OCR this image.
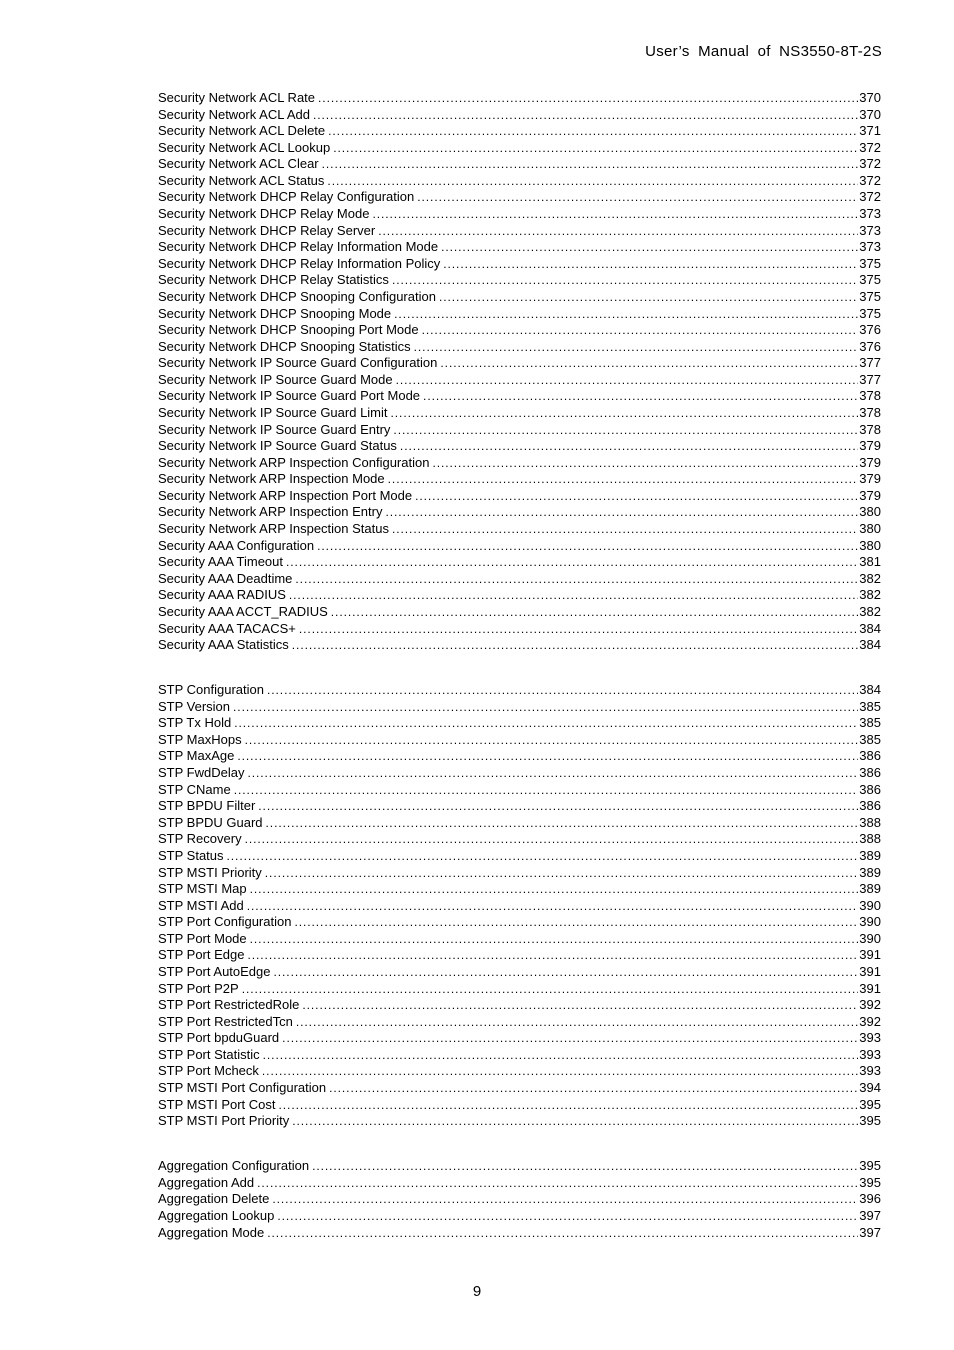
User’s Manual of NS3550-8T-2S
Security Network ACL Rate . . .	370
Security Network ACL Add . . .	370
Security Network ACL Delete . . .	371
Security Network ACL Lookup . . .	372
Security Network ACL Clear . . .	372
Security Network ACL Status . . .	372
Security Network DHCP Relay Configuration . . .	372
Security Network DHCP Relay Mode . . .	373
Security Network DHCP Relay Server . . .	373
Security Network DHCP Relay Information Mode . . .	373
Security Network DHCP Relay Information Policy . . .	375
Security Network DHCP Relay Statistics . . .	375
Security Network DHCP Snooping Configuration . . .	375
Security Network DHCP Snooping Mode . . .	375
Security Network DHCP Snooping Port Mode . . .	376
Security Network DHCP Snooping Statistics . . .	376
Security Network IP Source Guard Configuration . . .	377
Security Network IP Source Guard Mode . . .	377
Security Network IP Source Guard Port Mode . . .	378
Security Network IP Source Guard Limit . . .	378
Security Network IP Source Guard Entry . . .	378
Security Network IP Source Guard Status . . .	379
Security Network ARP Inspection Configuration . . .	379
Security Network ARP Inspection Mode . . .	379
Security Network ARP Inspection Port Mode . . .	379
Security Network ARP Inspection Entry . . .	380
Security Network ARP Inspection Status . . .	380
Security AAA Configuration . . .	380
Security AAA Timeout . . .	381
Security AAA Deadtime . . .	382
Security AAA RADIUS . . .	382
Security AAA ACCT_RADIUS . . .	382
Security AAA TACACS+ . . .	384
Security AAA Statistics . . .	384
STP Configuration . . .	384
STP Version . . .	385
STP Tx Hold . . .	385
STP MaxHops . . .	385
STP MaxAge . . .	386
STP FwdDelay . . .	386
STP CName . . .	386
STP BPDU Filter . . .	386
STP BPDU Guard . . .	388
STP Recovery . . .	388
STP Status . . .	389
STP MSTI Priority . . .	389
STP MSTI Map . . .	389
STP MSTI Add . . .	390
STP Port Configuration . . .	390
STP Port Mode . . .	390
STP Port Edge . . .	391
STP Port AutoEdge . . .	391
STP Port P2P . . .	391
STP Port RestrictedRole . . .	392
STP Port RestrictedTcn . . .	392
STP Port bpduGuard . . .	393
STP Port Statistic . . .	393
STP Port Mcheck . . .	393
STP MSTI Port Configuration . . .	394
STP MSTI Port Cost . . .	395
STP MSTI Port Priority . . .	395
Aggregation Configuration . . .	395
Aggregation Add . . .	395
Aggregation Delete . . .	396
Aggregation Lookup . . .	397
Aggregation Mode . . .	397
9
